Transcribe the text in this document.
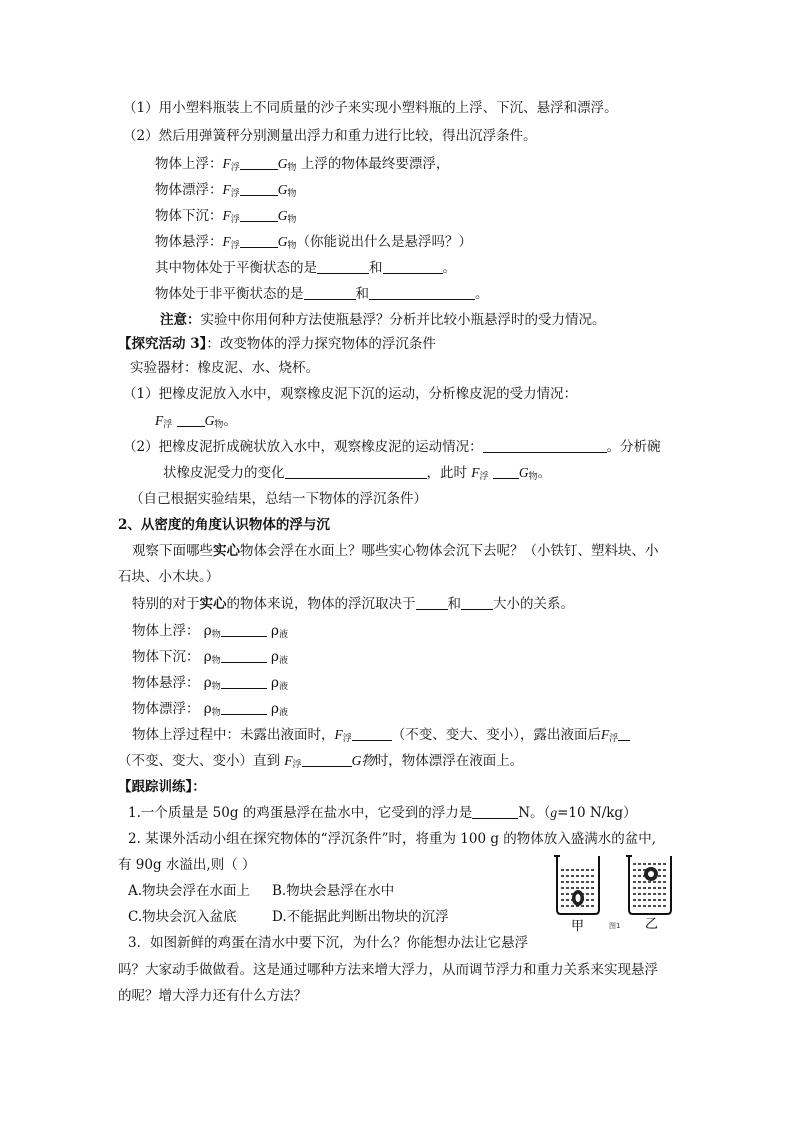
（1）用小塑料瓶装上不同质量的沙子来实现小塑料瓶的上浮、下沉、悬浮和漂浮。
（2）然后用弹簧秤分别测量出浮力和重力进行比较，得出沉浮条件。
物体上浮：$F_浮$	$G_物$ 上浮的物体最终要漂浮，
物体漂浮：$F_浮$	$G_物$
物体下沉：$F_浮$	$G_物$
物体悬浮：$F_浮$	$G_物$（你能说出什么是悬浮吗？）
其中物体处于平衡状态的是	和	。
物体处于非平衡状态的是	和	。
注意：实验中你用何种方法使瓶悬浮？分析并比较小瓶悬浮时的受力情况。
【探究活动 3】：改变物体的浮力探究物体的浮沉条件
实验器材：橡皮泥、水、烧杯。
（1）把橡皮泥放入水中，观察橡皮泥下沉的运动，分析橡皮泥的受力情况：
$F_浮$ $G_物$。
（2）把橡皮泥折成碗状放入水中，观察橡皮泥的运动情况：	。分析碗
状橡皮泥受力的变化	，此时 $F_浮$ $G_物$。
（自己根据实验结果，总结一下物体的浮沉条件）
2、从密度的角度认识物体的浮与沉
观察下面哪些实心物体会浮在水面上？哪些实心物体会沉下去呢？（小铁钉、塑料块、小
石块、小木块。）
特别的对于实心的物体来说，物体的浮沉取决于 和 大小的关系。
物体上浮： $\rho_物$	$\rho_液$
物体下沉： $\rho_物$	$\rho_液$
物体悬浮： $\rho_物$	$\rho_液$
物体漂浮： $\rho_物$	$\rho_液$
物体上浮过程中：未露出液面时，$F_浮$	（不变、变大、变小），露出液面后$F_浮$
（不变、变大、变小）直到 $F_浮$	G物时，物体漂浮在液面上。
【跟踪训练】：
1.一个质量是 50g 的鸡蛋悬浮在盐水中，它受到的浮力是	N。（g=10 N/kg）
2. 某课外活动小组在探究物体的“浮沉条件”时，将重为 100 g 的物体放入盛满水的盆中,
有 90g 水溢出,则（ ）
A.物块会浮在水面上 B.物块会悬浮在水中
C.物块会沉入盆底	D.不能据此判断出物块的沉浮
3．如图新鲜的鸡蛋在清水中要下沉，为什么？你能想办法让它悬浮
吗？大家动手做做看。这是通过哪种方法来增大浮力，从而调节浮力和重力关系来实现悬浮
的呢？增大浮力还有什么方法？
甲	乙
图1
